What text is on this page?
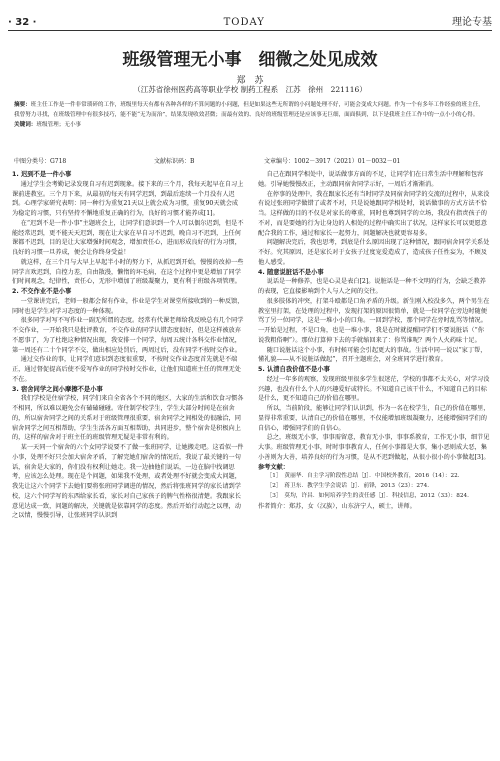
· 32 ·	TODAY	理论专基
班级管理无小事　细微之处见成效
郑　苏
（江苏省徐州医药高等职业学校 制药工程系　江苏　徐州　221116）
摘要：班主任工作是一件非常琐碎的工作，班级里每天有都有各种各样的不算问题的小问题，但是如果这些无所谓的小问题处理不好，可能会变成大问题。作为一个有多年工作经验的班主任，我曾努力寻找，在班级管理中有很多技巧，能不能“无为而治”，结果发现收效甚微；而最有效的、良好的班级管理还是应该事无巨细，面面俱到，以下是我班主任工作中的一点小小的心得。
关键词：班级管理；无小事
中图分类号：G718	文献标识码：B	文章编号：1002－3917（2021）01－0032－01
1. 迟到不是一件小事

通过学生会考勤记录发现自习有迟到现象。接下来的三个月，我每天起早在自习上课前进教室。三个月下来，从最初的每天有同学迟到，到最后连续一个月没有人迟到。心理学家研究表明：同一种行为重复21天以上就会成为习惯，重复90天就会成为稳定的习惯，只有坚持不懈地重复正确的行为，良好的习惯才能养成[1]。

在“迟到不是一件小事”主题班会上，让同学们意识到一个人可以偶尔迟到，但是不能经常迟到，更不能天天迟到，现在让大家在早自习不迟到，晚自习不迟到，上任何课都不迟到，目的是让大家增强时间观念，增加责任心，进而形成良好的行为习惯，良好的习惯一旦养成，便会让你终身受益！

就这样，在三个月与大早上早起半小时的努力下，从抓迟到开始，慢慢的改掉一些同学言欢迟到，自控力差，自由散漫，懒惰的坏毛病，在这个过程中更是增加了同学们时间观念，纪律性，责任心，无形中增加了班级凝聚力，更有利于班级各项管理。

2. 不交作业不是小事

一堂课讲完后，老师一般都会留有作业，作业是学生对课堂所接收到的一种反馈，同时也是学生对学习态度的一种体现。

很多同学对写不写作业一副无所谓的态度。经常有代课老师给我反映总有几个同学不交作业，一开始我只是批评教育，不交作业的同学认错态度很好，但是这样被放弃不愿事了，为了杜绝这种情况出现，我安排一个同学，每周五统计各科交作业情况，第一周还有二十个同学不交，做出相应处罚后，两周过后，没有同学不按时交作业。

通过交作业的事，让同学们意识到态度很重要，不按时交作业态度首先就是不端正，通过督促提高后使不爱写作业的同学按时交作业，让他们知道班主任的管理无处不在。

3. 宿舍同学之间小摩擦不是小事

我们学校是住宿学校，同学们来自全省各个不同的地区，大家的生活和饮食习惯各不相同，所以难以避免会有磕磕碰碰。寄住制学校学生，学生大部分时间是在宿舍的，所以宿舍同学之间的关系对于班级管理很重要，宿舍同学之间相处的很融洽，同宿舍同学之间互相帮助，学生生活各方面互相帮助，共同进步，整个宿舍是积极向上的，这样的宿舍对于班主任的班级管理无疑是非常有利的。

某一天同一个宿舍的六个女同学说要不了做一张班同学，让她搬走吧。这看似一件小事，处理不好只会加大宿舍矛盾，了解完她们宿舍的情况后，我说了最关键的一句话，宿舍是大家的，你们没有权利让她走。我一边抽他们说话，一边在脑中找调思考，应该怎么处理。现在是个问题，如果我不处理，或者处理不好就会变成大问题，我先让这六个同学下去她们要将张班同学调进的情况，然后将张班同学的家长请到学校，这六个同学写的东西给家长看，家长对自己家孩子的脾气性格很清楚。我跟家长意见达成一致，问题的解决，关键就是依靠同学的态度。然后开始行动起之以理，动之以情，慢慢引导，让张班同学认识到

自己在跟同学相处中，说话做事方面的不足，让同学们在日常生活中理解和包容她。引导她慢慢改正，主动跟同宿舍同学示好，一周后才渐渐消。

在停事的处理中，我在跟家长还有当时同学及同宿舍同学的交流的过程中，从来没有说过张班同学做错了或者不对，只是说她跟同学相处时，说话做事的方式方法不恰当。这样做的目的不仅是对家长的尊重，同时也尊到同学的立场，我没有指责孩子的不对，而是要她的行为让身边的人相处的过程中确实出了状况，这样家长可以更愿意配合我的工作，通过和家长一起努力，问题解决也就更容易多。

问题解决完后，我也思考，到底是什么原因出现了这种情况，跟同宿舍同学关系处不好。究其原因，还是家长对于女孩子过度宠爱造成了，造成孩子任性妄为，不顾及他人感受。

4. 随意说脏话不是小事

说话是一种修养，也是心灵是表白[2]。说脏话是一种不文明的行为，会缺乏教养的表现，它直接影响到个人与人之间的交往。

很多肢体的冲突，打架斗殴都是口角矛盾的升级。新生刚入校没多久，两个男生在教室里打架，在处理的过程中，发现打架的原因很简单，就是一位同学在旁边时随便骂了另一位同学，这是一堆小小的口角。一回到学校，那个同学在旁时乱骂等情况。一开始是过程，不是口角，也是一堆小事，我是在时就提醒同学们不要说脏话（“你说我粗俗啊”）。那位打算伸下去的手就缩回来了：你骂谁呢？两个人火药味十足。

随口说脏话这个小事，有时候可能会引起更大的事故。生活中同一说以“家丁帮，懂礼貌——从不说脏话做起”，召开主题班会，对全班同学进行教育。

5. 认清自我价值不是小事

经过一年多的观察，发现班级里很多学生很迷茫，学校的事都不太关心，对学习没兴趣，也没有什么个人的兴趣爱好或特长。不知道自己该干什么，不知道自己的目标是什么，更不知道自己的价值在哪里。

所以，当前阶段，能够让同学们认识到，作为一名在校学生，自己的价值在哪里，显得非常重要，认清自己的价值在哪里，不仅能增加班级凝聚力，还能增强同学们的自信心，增强同学们的自信心。

总之，班级无小事，事事需留意，教育无小事，事事系教育，工作无小事，细节见大事。班级管理无小事，时时事事教育人，任何小事都是大事，集小恶则成大恶，集小善则为大善，培养良好的行为习惯，是从不迟到做起，从很小很小的小事做起[3]。

参考文献：

［1］　黄丽华．自主学习阶段性总结［J］．中国校外教育，2016（14）：22.

［2］　蒋卫东．教学生学会说话［J］．前锋，2013（23）：274.

［3］　莫均，许昌．如何培养学生的责任感［J］．科技信息，2012（33）：824.

作者简介：郑苏，女（汉族），山东济宁人，硕士，讲师。
